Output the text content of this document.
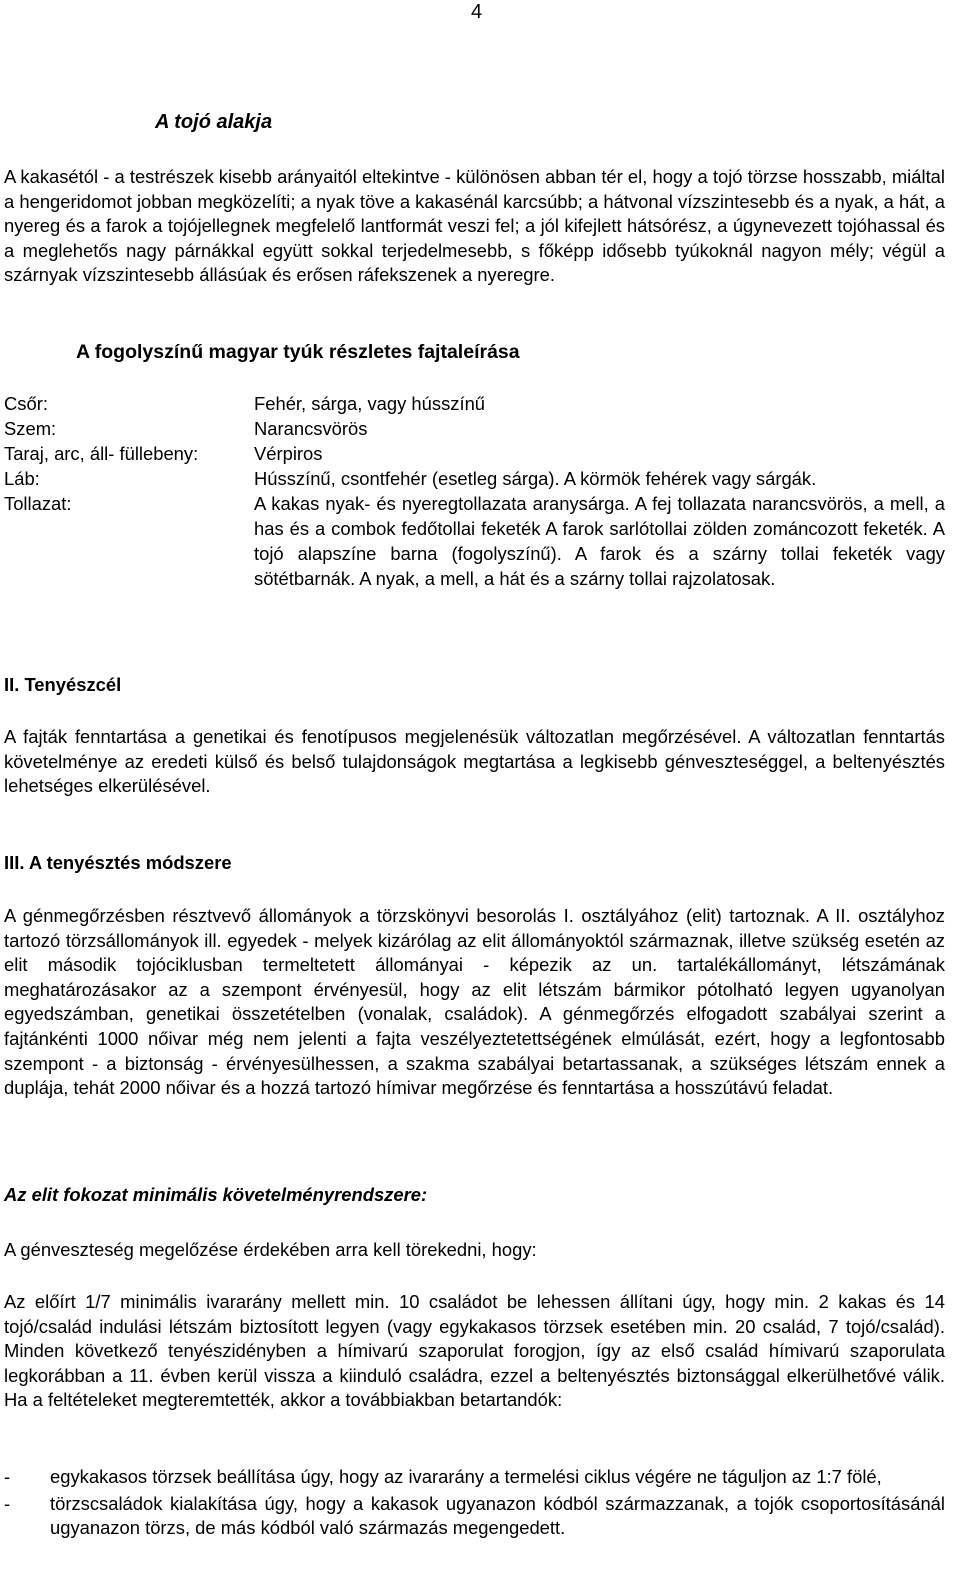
4
A tojó alakja

A kakasétól - a testrészek kisebb arányaitól eltekintve - különösen abban tér el, hogy a tojó törzse hosszabb, miáltal a hengeridomot jobban megközelíti; a nyak töve a kakasénál karcsúbb; a hátvonal vízszintesebb és a nyak, a hát, a nyereg és a farok a tojójellegnek megfelelő lantformát veszi fel; a jól kifejlett hátsórész, a úgynevezett tojóhassal és a meglehetős nagy párnákkal együtt sokkal terjedelmesebb, s főképp idősebb tyúkoknál nagyon mély; végül a szárnyak vízszintesebb állásúak és erősen ráfekszenek a nyeregre.

A fogolyszínű magyar tyúk részletes fajtaleírása
Csőr:	Fehér, sárga, vagy hússzínű
Szem:	Narancsvörös
Taraj, arc, áll- füllebeny:	Vérpiros
Láb:	Hússzínű, csontfehér (esetleg sárga). A körmök fehérek vagy sárgák.
Tollazat:	A kakas nyak- és nyeregtollazata aranysárga. A fej tollazata narancsvörös, a mell, a has és a combok fedőtollai feketék A farok sarlótollai zölden zománcozott feketék. A tojó alapszíne barna (fogolyszínű). A farok és a szárny tollai feketék vagy sötétbarnák. A nyak, a mell, a hát és a szárny tollai rajzolatosak.
II. Tenyészcél

A fajták fenntartása a genetikai és fenotípusos megjelenésük változatlan megőrzésével. A változatlan fenntartás követelménye az eredeti külső és belső tulajdonságok megtartása a legkisebb génveszteséggel, a beltenyésztés lehetséges elkerülésével.

III. A tenyésztés módszere

A génmegőrzésben résztvevő állományok a törzskönyvi besorolás I. osztályához (elit) tartoznak. A II. osztályhoz tartozó törzsállományok ill. egyedek - melyek kizárólag az elit állományoktól származnak, illetve szükség esetén az elit második tojóciklusban termeltetett állományai - képezik az un. tartalékállományt, létszámának meghatározásakor az a szempont érvényesül, hogy az elit létszám bármikor pótolható legyen ugyanolyan egyedszámban, genetikai összetételben (vonalak, családok). A génmegőrzés elfogadott szabályai szerint a fajtánkénti 1000 nőivar még nem jelenti a fajta veszélyeztetettségének elmúlását, ezért, hogy a legfontosabb szempont - a biztonság - érvényesülhessen, a szakma szabályai betartassanak, a szükséges létszám ennek a duplája, tehát 2000 nőivar és a hozzá tartozó hímivar megőrzése és fenntartása a hosszútávú feladat.

Az elit fokozat minimális követelményrendszere:

A génveszteség megelőzése érdekében arra kell törekedni, hogy:

Az előírt 1/7 minimális ivararány mellett min. 10 családot be lehessen állítani úgy, hogy min. 2 kakas és 14 tojó/család indulási létszám biztosított legyen (vagy egykakasos törzsek esetében min. 20 család, 7 tojó/család). Minden következő tenyészidényben a hímivarú szaporulat forogjon, így az első család hímivarú szaporulata legkorábban a 11. évben kerül vissza a kiinduló családra, ezzel a beltenyésztés biztonsággal elkerülhetővé válik. Ha a feltételeket megteremtették, akkor a továbbiakban betartandók:

-	egykakasos törzsek beállítása úgy, hogy az ivararány a termelési ciklus végére ne táguljon az 1:7 fölé,
-	törzscsaládok kialakítása úgy, hogy a kakasok ugyanazon kódból származzanak, a tojók csoportosításánál ugyanazon törzs, de más kódból való származás megengedett.
